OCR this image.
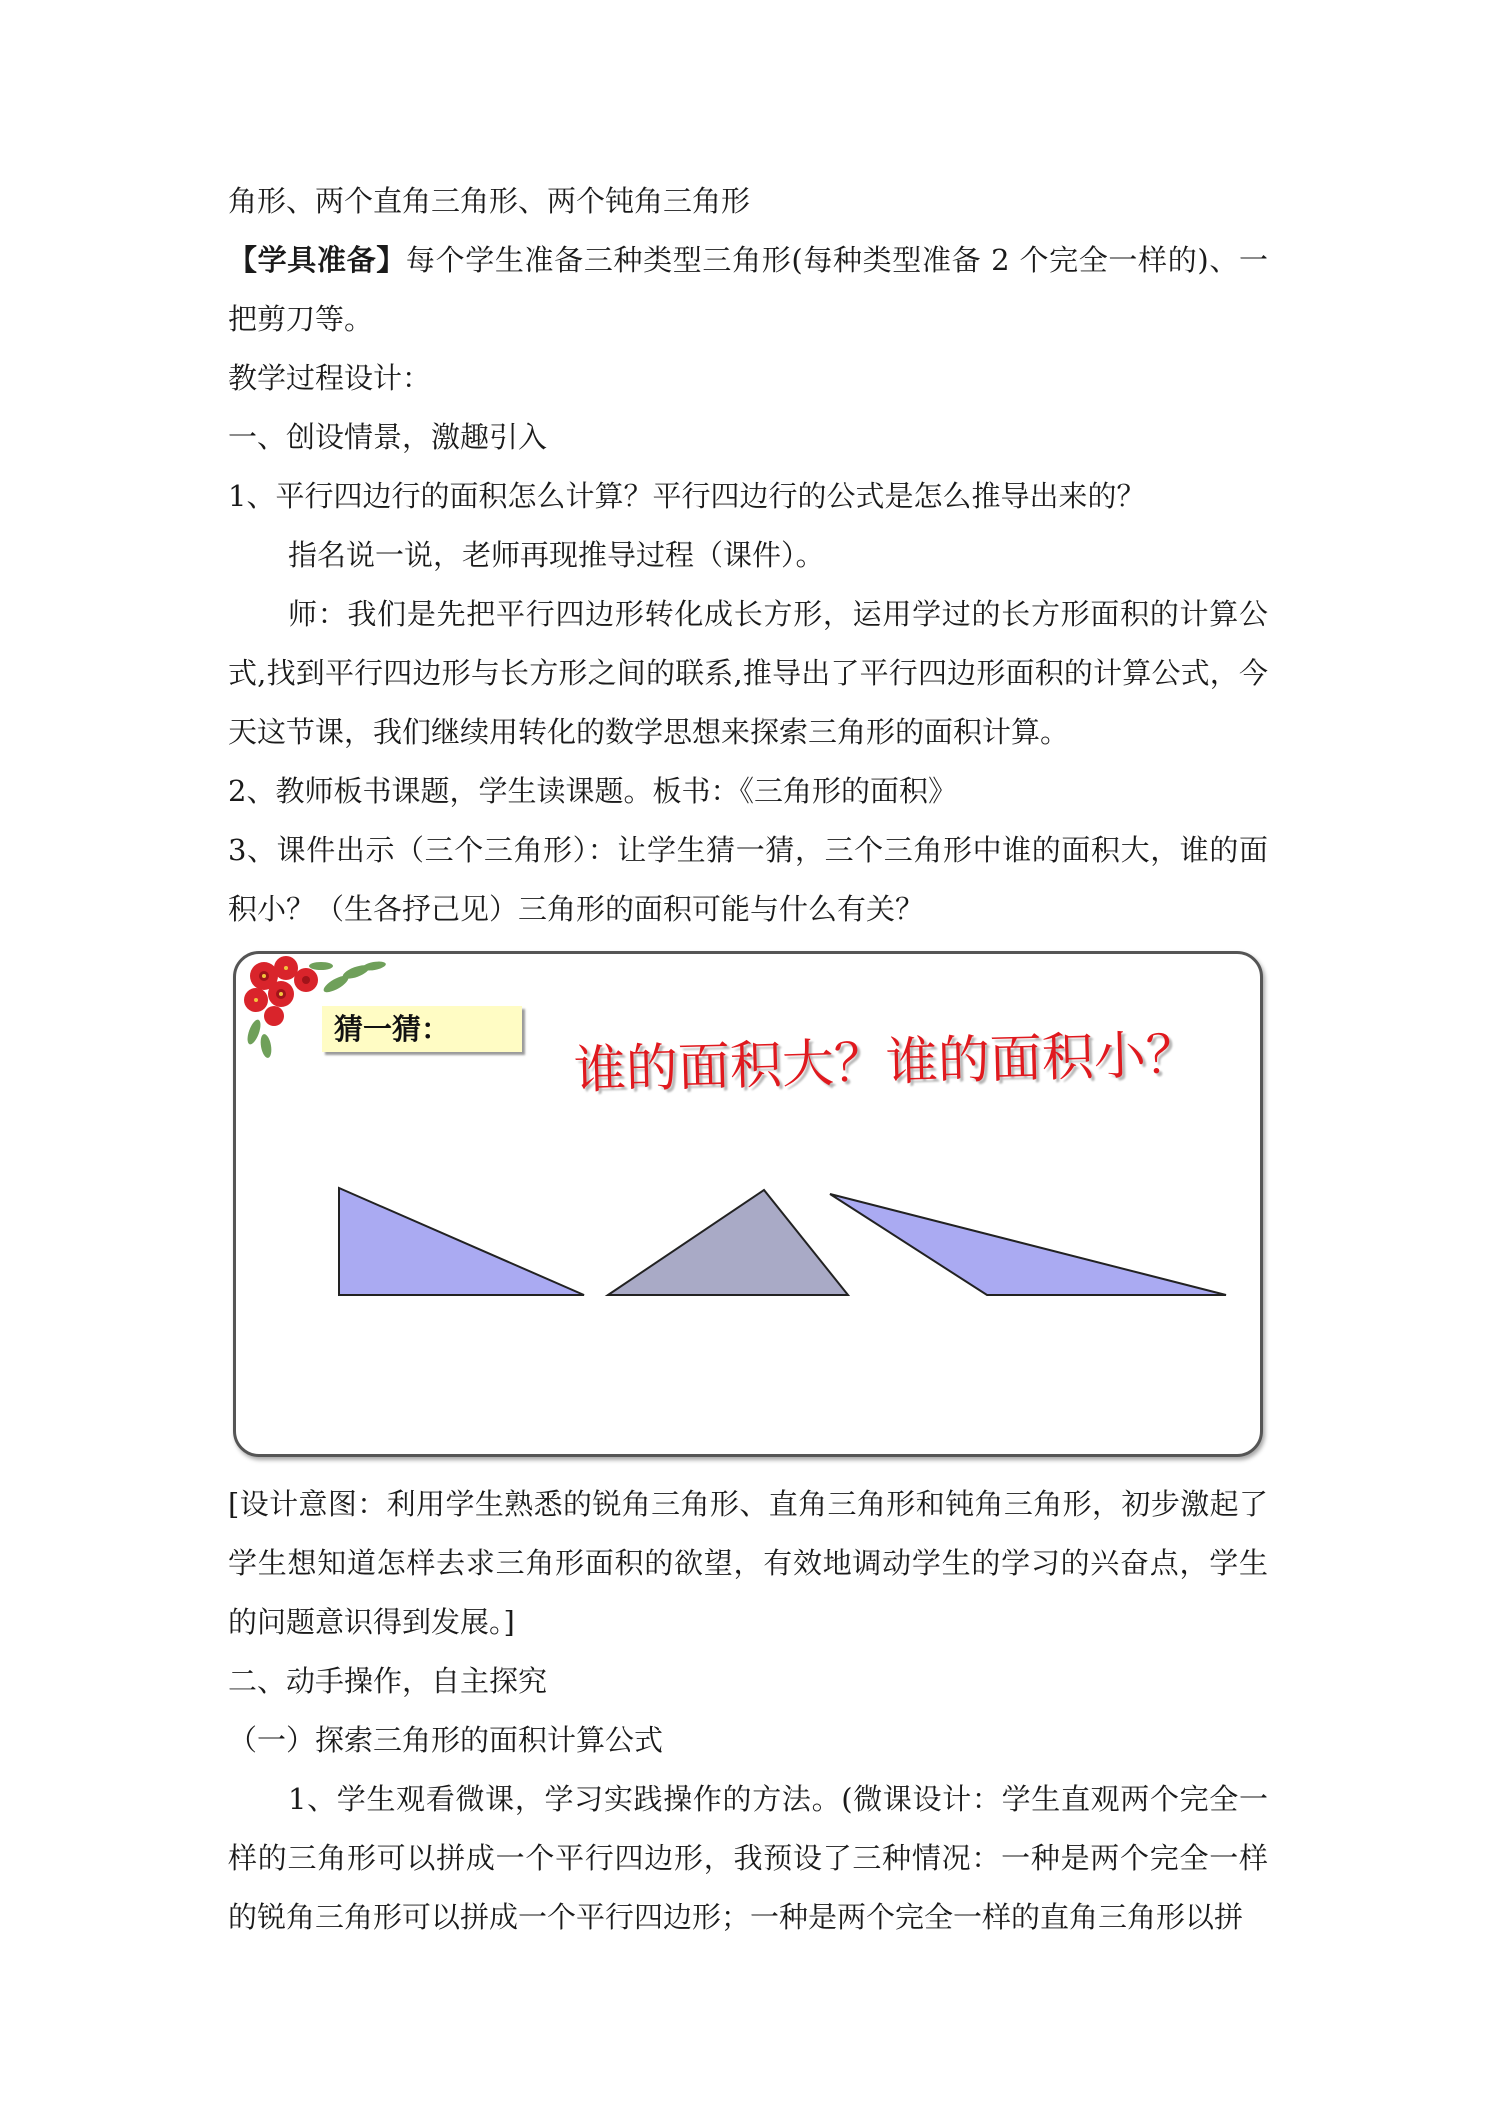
角形、两个直角三角形、两个钝角三角形

【学具准备】每个学生准备三种类型三角形(每种类型准备 2 个完全一样的)、一把剪刀等。

教学过程设计：

一、创设情景，激趣引入

1、平行四边行的面积怎么计算？平行四边行的公式是怎么推导出来的？

指名说一说，老师再现推导过程（课件）。

师：我们是先把平行四边形转化成长方形，运用学过的长方形面积的计算公式,找到平行四边形与长方形之间的联系,推导出了平行四边形面积的计算公式，今天这节课，我们继续用转化的数学思想来探索三角形的面积计算。

2、教师板书课题，学生读课题。板书：《三角形的面积》

3、课件出示（三个三角形）：让学生猜一猜，三个三角形中谁的面积大，谁的面积小？（生各抒己见）三角形的面积可能与什么有关？

猜一猜：	谁的面积大？谁的面积小？

[设计意图：利用学生熟悉的锐角三角形、直角三角形和钝角三角形，初步激起了学生想知道怎样去求三角形面积的欲望，有效地调动学生的学习的兴奋点，学生的问题意识得到发展。]

二、动手操作，自主探究

（一）探索三角形的面积计算公式

1、学生观看微课，学习实践操作的方法。(微课设计：学生直观两个完全一样的三角形可以拼成一个平行四边形，我预设了三种情况：一种是两个完全一样的锐角三角形可以拼成一个平行四边形；一种是两个完全一样的直角三角形以拼
